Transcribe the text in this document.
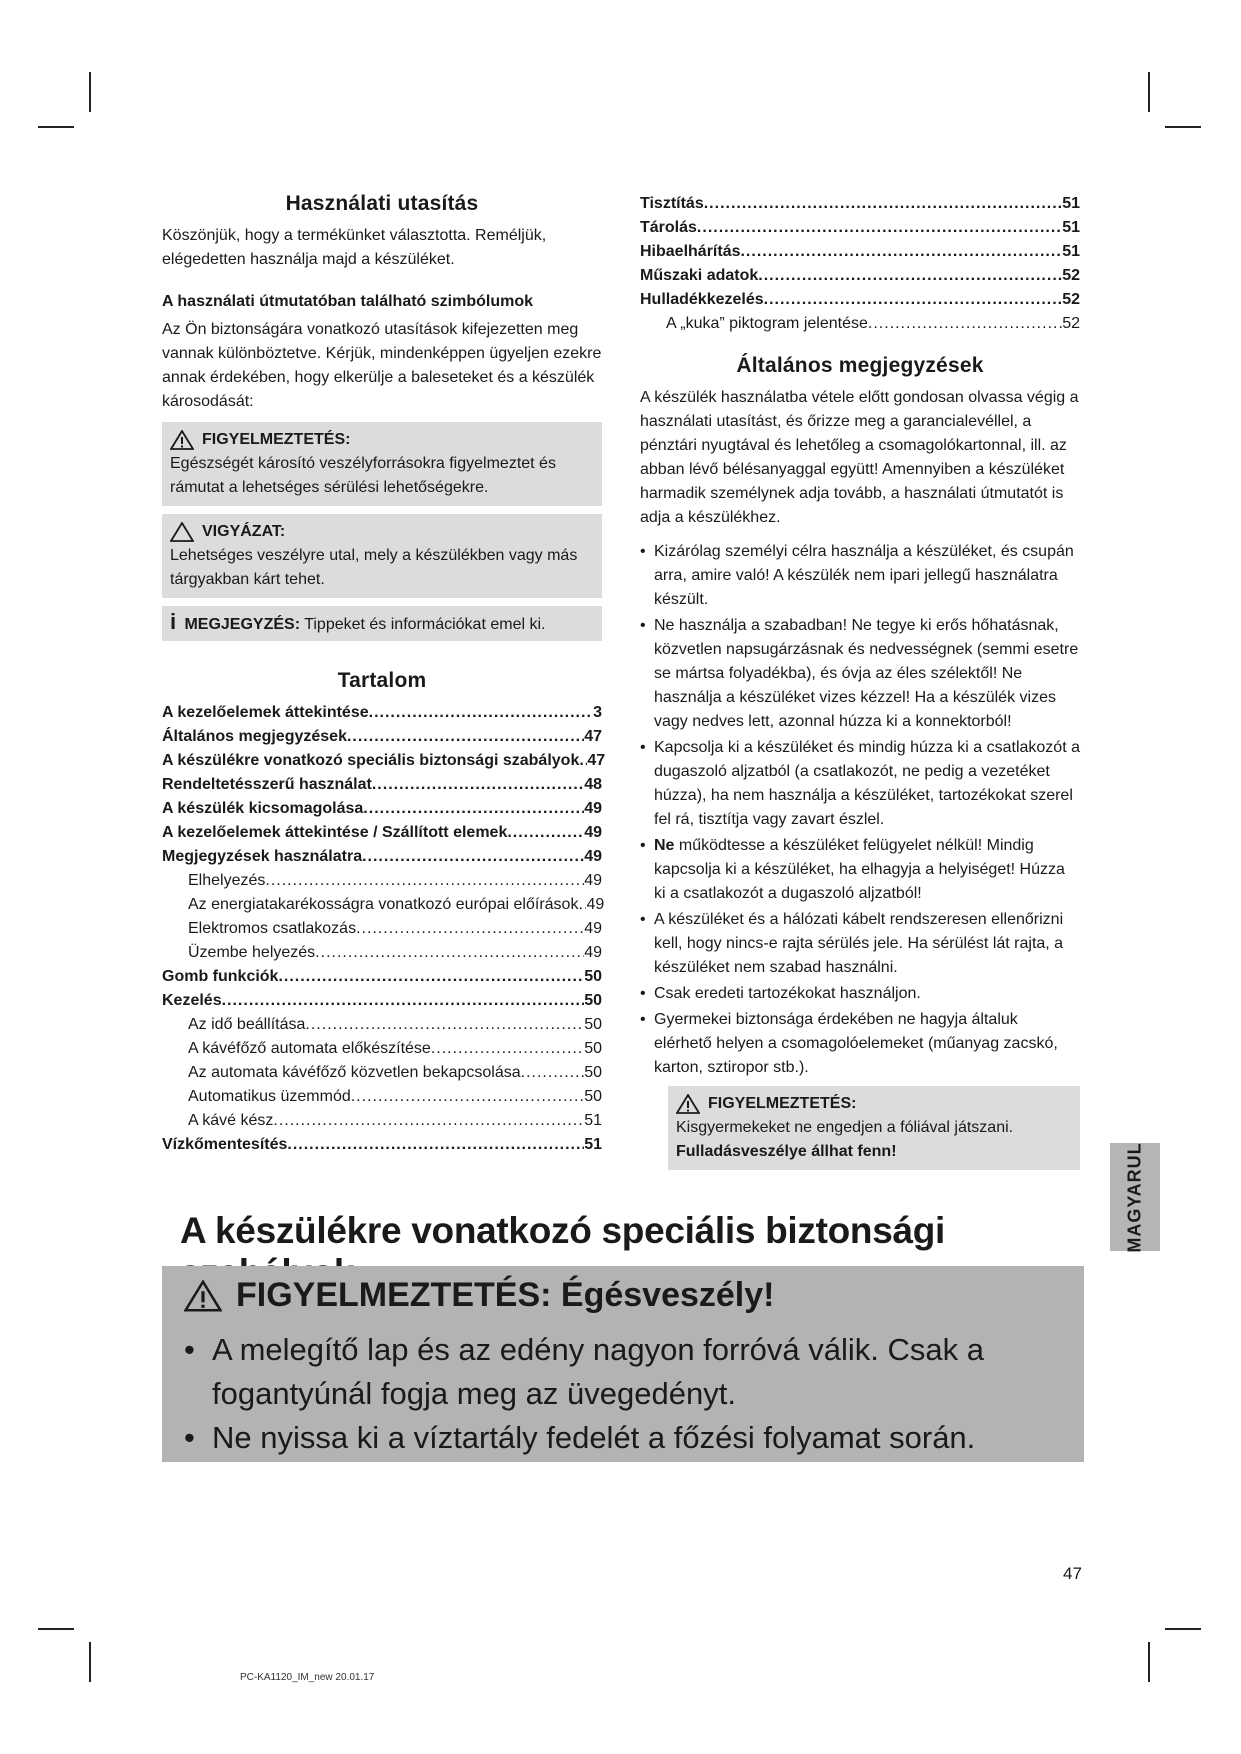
Használati utasítás

Köszönjük, hogy a termékünket választotta. Reméljük, elégedetten használja majd a készüléket.

A használati útmutatóban található szimbólumok

Az Ön biztonságára vonatkozó utasítások kifejezetten meg vannak különböztetve. Kérjük, mindenképpen ügyeljen ezekre annak érdekében, hogy elkerülje a baleseteket és a készülék károsodását:

FIGYELMEZTETÉS:
Egészségét károsító veszélyforrásokra figyelmeztet és rámutat a lehetséges sérülési lehetőségekre.
VIGYÁZAT:
Lehetséges veszélyre utal, mely a készülékben vagy más tárgyakban kárt tehet.
i MEGJEGYZÉS: Tippeket és információkat emel ki.
Tartalom
A kezelőelemek áttekintése .....	3
Általános megjegyzések .....	47
A készülékre vonatkozó speciális biztonsági szabályok ..... 47
Rendeltetésszerű használat .....	48
A készülék kicsomagolása .....	49
A kezelőelemek áttekintése / Szállított elemek .....	49
Megjegyzések használatra .....	49
Elhelyezés .....	49
Az energiatakarékosságra vonatkozó európai előírások ..... 49
Elektromos csatlakozás .....	49
Üzembe helyezés .....	49
Gomb funkciók .....	50
Kezelés .....	50
Az idő beállítása .....	50
A kávéfőző automata előkészítése .....	50
Az automata kávéfőző közvetlen bekapcsolása .....	50
Automatikus üzemmód .....	50
A kávé kész .....	51
Vízkőmentesítés .....	51
Tisztítás .....	51
Tárolás .....	51
Hibaelhárítás .....	51
Műszaki adatok .....	52
Hulladékkezelés .....	52
A „kuka” piktogram jelentése .....	52
Általános megjegyzések

A készülék használatba vétele előtt gondosan olvassa végig a használati utasítást, és őrizze meg a garancialevéllel, a pénztári nyugtával és lehetőleg a csomagolókartonnal, ill. az abban lévő bélésanyaggal együtt! Amennyiben a készüléket harmadik személynek adja tovább, a használati útmutatót is adja a készülékhez.

• Kizárólag személyi célra használja a készüléket, és csupán arra, amire való! A készülék nem ipari jellegű használatra készült.
• Ne használja a szabadban! Ne tegye ki erős hőhatásnak, közvetlen napsugárzásnak és nedvességnek (semmi esetre se mártsa folyadékba), és óvja az éles szélektől! Ne használja a készüléket vizes kézzel! Ha a készülék vizes vagy nedves lett, azonnal húzza ki a konnektorból!
• Kapcsolja ki a készüléket és mindig húzza ki a csatlakozót a dugaszoló aljzatból (a csatlakozót, ne pedig a vezetéket húzza), ha nem használja a készüléket, tartozékokat szerel fel rá, tisztítja vagy zavart észlel.
• Ne működtesse a készüléket felügyelet nélkül! Mindig kapcsolja ki a készüléket, ha elhagyja a helyiséget! Húzza ki a csatlakozót a dugaszoló aljzatból!
• A készüléket és a hálózati kábelt rendszeresen ellenőrizni kell, hogy nincs-e rajta sérülés jele. Ha sérülést lát rajta, a készüléket nem szabad használni.
• Csak eredeti tartozékokat használjon.
• Gyermekei biztonsága érdekében ne hagyja általuk elérhető helyen a csomagolóelemeket (műanyag zacskó, karton, sztiropor stb.).
FIGYELMEZTETÉS:
Kisgyermekeket ne engedjen a fóliával játszani. Fulladásveszélye állhat fenn!	MAGYARUL
A készülékre vonatkozó speciális biztonsági
FIGYELMEZTETÉS: Égésveszély!
• A melegítő lap és az edény nagyon forróvá válik. Csak a fogantyúnál fogja meg az üvegedényt.
• Ne nyissa ki a víztartály fedelét a főzési folyamat során.
47
PC-KA1120_IM_new 20.01.17
